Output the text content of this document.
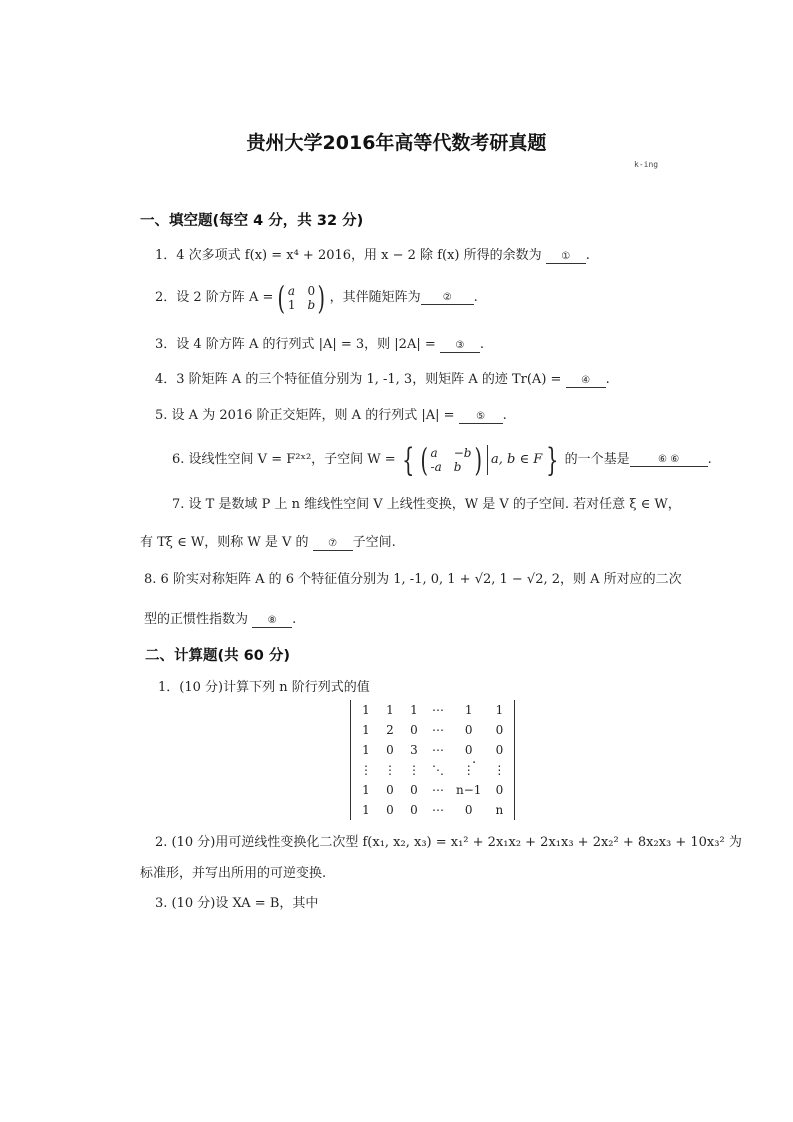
贵州大学2016年高等代数考研真题
k-ing
一、填空题(每空 4 分，共 32 分)
1．4 次多项式 f(x) = x⁴ + 2016，用 x − 2 除 f(x) 所得的余数为 ① .
2．设 2 阶方阵 A = ( a 0
1 b ) ，其伴随矩阵为	②	.
3．设 4 阶方阵 A 的行列式 |A| = 3，则 |2A| = ③ .
4．3 阶矩阵 A 的三个特征值分别为 1, -1, 3，则矩阵 A 的迹 Tr(A) = ④ .
5. 设 A 为 2016 阶正交矩阵，则 A 的行列式 |A| = ⑤ .
6. 设线性空间 V = F²ˣ²，子空间 W = { ( a	−b
-a b ) a, b ∈ F } 的一个基是	⑥ ⑥	.
7. 设 T 是数域 P 上 n 维线性空间 V 上线性变换，W 是 V 的子空间. 若对任意 ξ ∈ W，
有 Tξ ∈ W，则称 W 是 V 的 ⑦ 子空间.
8. 6 阶实对称矩阵 A 的 6 个特征值分别为 1, -1, 0, 1 + √2, 1 − √2, 2，则 A 所对应的二次
型的正惯性指数为 ⑧ .
二、计算题(共 60 分)
1．(10 分)计算下列 n 阶行列式的值
1	1	1	⋯	1	1
1	2	0	⋯	0	0
1	0	3	⋯	0	0
⋮	⋮	⋮	⋱	⋮	⋮
1	0	0	⋯	n−1	0
1	0	0	⋯	0	n
.
2. (10 分)用可逆线性变换化二次型 f(x₁, x₂, x₃) = x₁² + 2x₁x₂ + 2x₁x₃ + 2x₂² + 8x₂x₃ + 10x₃² 为
标准形，并写出所用的可逆变换.
3. (10 分)设 XA = B，其中
